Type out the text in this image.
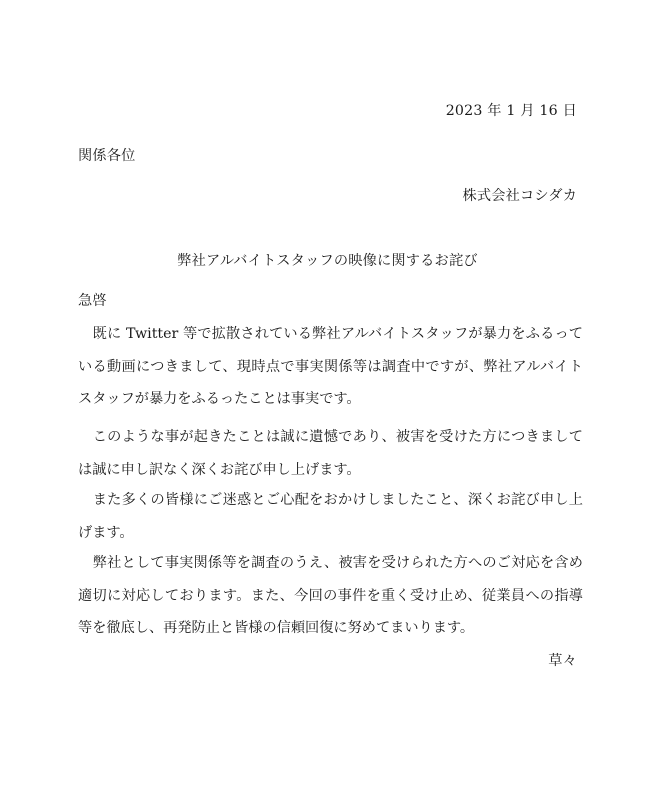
2023 年 1 月 16 日
関係各位
株式会社コシダカ
弊社アルバイトスタッフの映像に関するお詫び
急啓
既に Twitter 等で拡散されている弊社アルバイトスタッフが暴力をふるっている動画につきまして、現時点で事実関係等は調査中ですが、弊社アルバイトスタッフが暴力をふるったことは事実です。
このような事が起きたことは誠に遺憾であり、被害を受けた方につきましては誠に申し訳なく深くお詫び申し上げます。
また多くの皆様にご迷惑とご心配をおかけしましたこと、深くお詫び申し上げます。
弊社として事実関係等を調査のうえ、被害を受けられた方へのご対応を含め適切に対応しております。また、今回の事件を重く受け止め、従業員への指導等を徹底し、再発防止と皆様の信頼回復に努めてまいります。
草々
